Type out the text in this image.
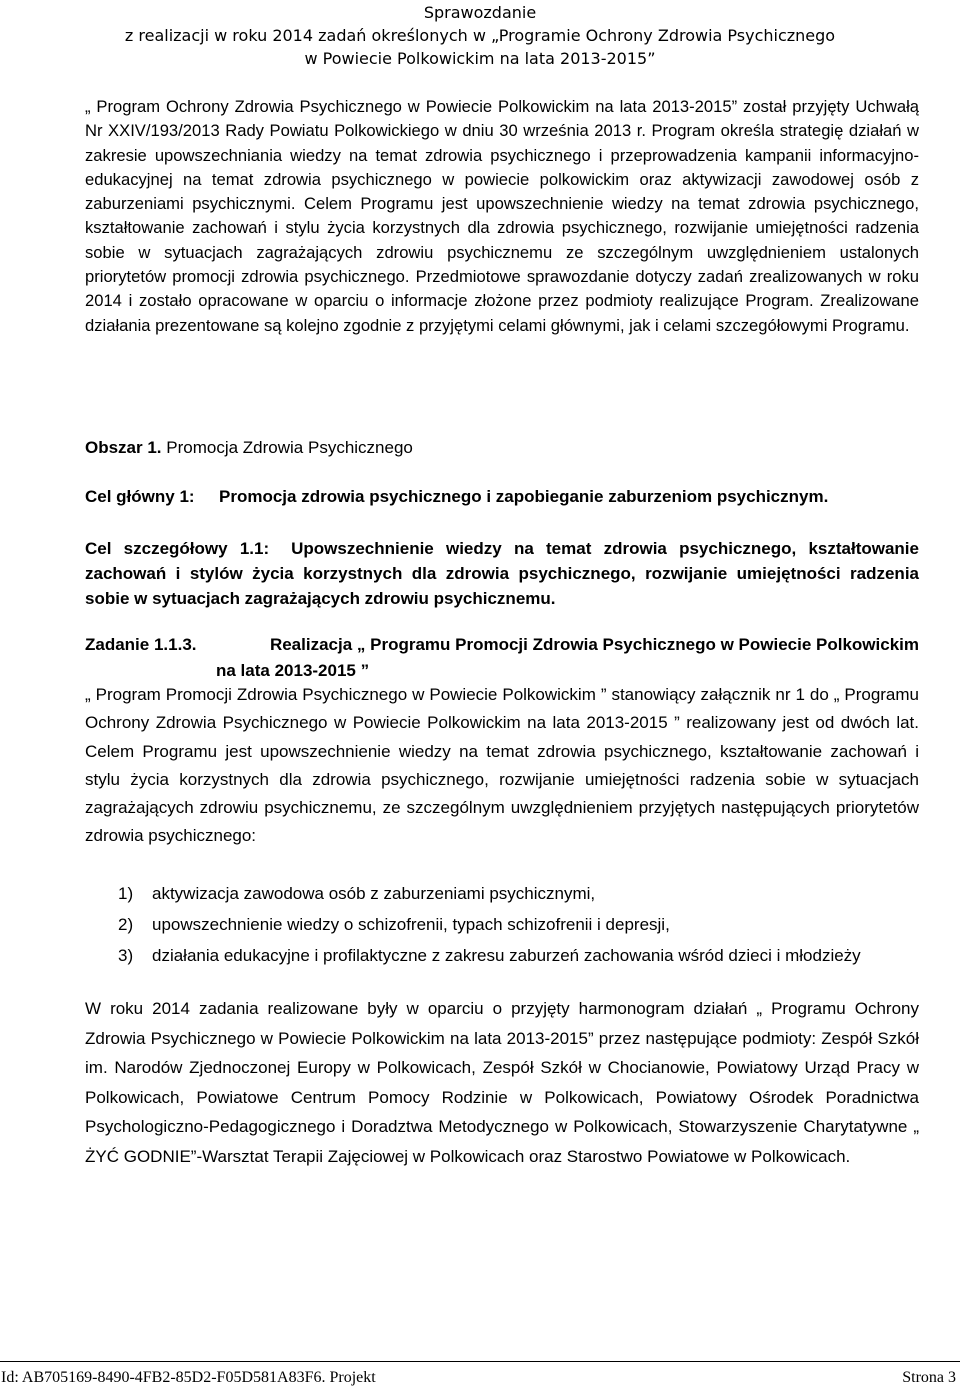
Sprawozdanie
z realizacji w roku 2014 zadań określonych w „Programie Ochrony Zdrowia Psychicznego
w Powiecie Polkowickim na lata 2013-2015”
„ Program Ochrony Zdrowia Psychicznego w Powiecie Polkowickim na lata 2013-2015” został przyjęty Uchwałą Nr XXIV/193/2013 Rady Powiatu Polkowickiego w dniu 30 września 2013 r. Program określa strategię działań w zakresie upowszechniania wiedzy na temat zdrowia psychicznego i przeprowadzenia kampanii informacyjno-edukacyjnej na temat zdrowia psychicznego w powiecie polkowickim oraz aktywizacji zawodowej osób z zaburzeniami psychicznymi. Celem Programu jest upowszechnienie wiedzy na temat zdrowia psychicznego, kształtowanie zachowań i stylu życia korzystnych dla zdrowia psychicznego, rozwijanie umiejętności radzenia sobie w sytuacjach zagrażających zdrowiu psychicznemu ze szczególnym uwzględnieniem ustalonych priorytetów promocji zdrowia psychicznego. Przedmiotowe sprawozdanie dotyczy zadań zrealizowanych w roku 2014 i zostało opracowane w oparciu o informacje złożone przez podmioty realizujące Program. Zrealizowane działania prezentowane są kolejno zgodnie z przyjętymi celami głównymi, jak i celami szczegółowymi Programu.
Obszar 1. Promocja Zdrowia Psychicznego
Cel główny 1:	Promocja zdrowia psychicznego i zapobieganie zaburzeniom psychicznym.
Cel szczegółowy 1.1: Upowszechnienie wiedzy na temat zdrowia psychicznego, kształtowanie zachowań i stylów życia korzystnych dla zdrowia psychicznego, rozwijanie umiejętności radzenia sobie w sytuacjach zagrażających zdrowiu psychicznemu.
Zadanie 1.1.3.	Realizacja „ Programu Promocji Zdrowia Psychicznego w Powiecie Polkowickim
na lata 2013-2015 ”
„ Program Promocji Zdrowia Psychicznego w Powiecie Polkowickim ” stanowiący załącznik nr 1 do „ Programu Ochrony Zdrowia Psychicznego w Powiecie Polkowickim na lata 2013-2015 ” realizowany jest od dwóch lat. Celem Programu jest upowszechnienie wiedzy na temat zdrowia psychicznego, kształtowanie zachowań i stylu życia korzystnych dla zdrowia psychicznego, rozwijanie umiejętności radzenia sobie w sytuacjach zagrażających zdrowiu psychicznemu, ze szczególnym uwzględnieniem przyjętych następujących priorytetów zdrowia psychicznego:
1)	aktywizacja zawodowa osób z zaburzeniami psychicznymi,
2)	upowszechnienie wiedzy o schizofrenii, typach schizofrenii i depresji,
3)	działania edukacyjne i profilaktyczne z zakresu zaburzeń zachowania wśród dzieci i młodzieży
W roku 2014 zadania realizowane były w oparciu o przyjęty harmonogram działań „ Programu Ochrony Zdrowia Psychicznego w Powiecie Polkowickim na lata 2013-2015” przez następujące podmioty: Zespół Szkół im. Narodów Zjednoczonej Europy w Polkowicach, Zespół Szkół w Chocianowie, Powiatowy Urząd Pracy w Polkowicach, Powiatowe Centrum Pomocy Rodzinie w Polkowicach, Powiatowy Ośrodek Poradnictwa Psychologiczno-Pedagogicznego i Doradztwa Metodycznego w Polkowicach, Stowarzyszenie Charytatywne „ ŻYĆ GODNIE”-Warsztat Terapii Zajęciowej w Polkowicach oraz Starostwo Powiatowe w Polkowicach.
Id: AB705169-8490-4FB2-85D2-F05D581A83F6. Projekt	Strona 3
